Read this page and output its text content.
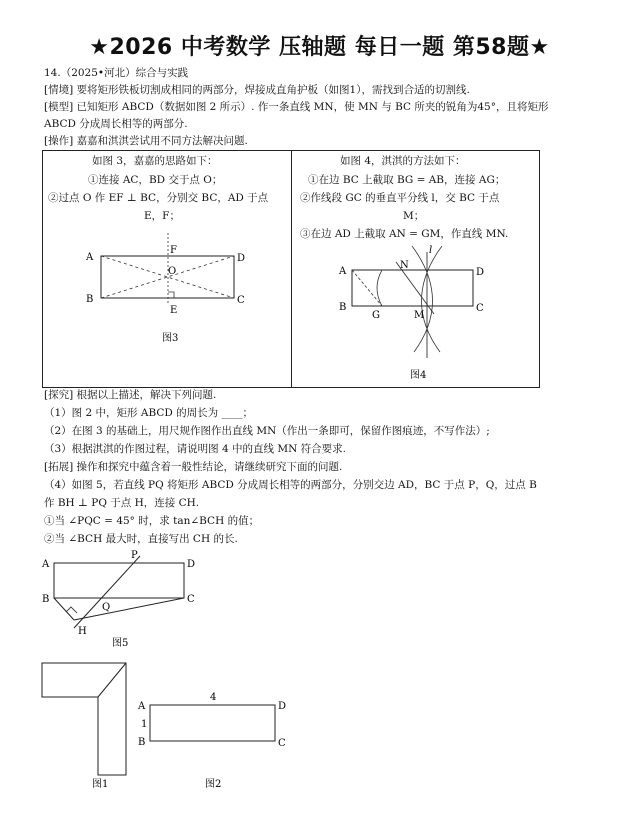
★2026 中考数学 压轴题 每日一题 第58题★
14.（2025•河北）综合与实践
[情境] 要将矩形铁板切割成相同的两部分，焊接成直角护板（如图1），需找到合适的切割线.
[模型] 已知矩形 ABCD（数据如图 2 所示）. 作一条直线 MN，使 MN 与 BC 所夹的锐角为45°，且将矩形
ABCD 分成周长相等的两部分.
[操作] 嘉嘉和淇淇尝试用不同方法解决问题.
如图 3，嘉嘉的思路如下：
①连接 AC，BD 交于点 O；
②过点 O 作 EF ⊥ BC，分别交 BC，AD 于点
E，F；
A
B	C
D
O
F
E
图3
如图 4，淇淇的方法如下：
①在边 BC 上截取 BG = AB，连接 AG；
②作线段 GC 的垂直平分线 l，交 BC 于点
M；
③在边 AD 上截取 AN = GM，作直线 MN.
l
A
B	C
D
N
G	M
图4
[探究] 根据以上描述，解决下列问题.
（1）图 2 中，矩形 ABCD 的周长为 ____；
（2）在图 3 的基础上，用尺规作图作出直线 MN（作出一条即可，保留作图痕迹，不写作法）;
（3）根据淇淇的作图过程，请说明图 4 中的直线 MN 符合要求.
[拓展] 操作和探究中蕴含着一般性结论，请继续研究下面的问题.
（4）如图 5，若直线 PQ 将矩形 ABCD 分成周长相等的两部分，分别交边 AD，BC 于点 P，Q，过点 B
作 BH ⊥ PQ 于点 H，连接 CH.
①当 ∠PQC = 45° 时，求 tan∠BCH 的值；
②当 ∠BCH 最大时，直接写出 CH 的长.
A
B	C
D
P
Q
H
图5
图1
A
B	C
D
4
1
图2
